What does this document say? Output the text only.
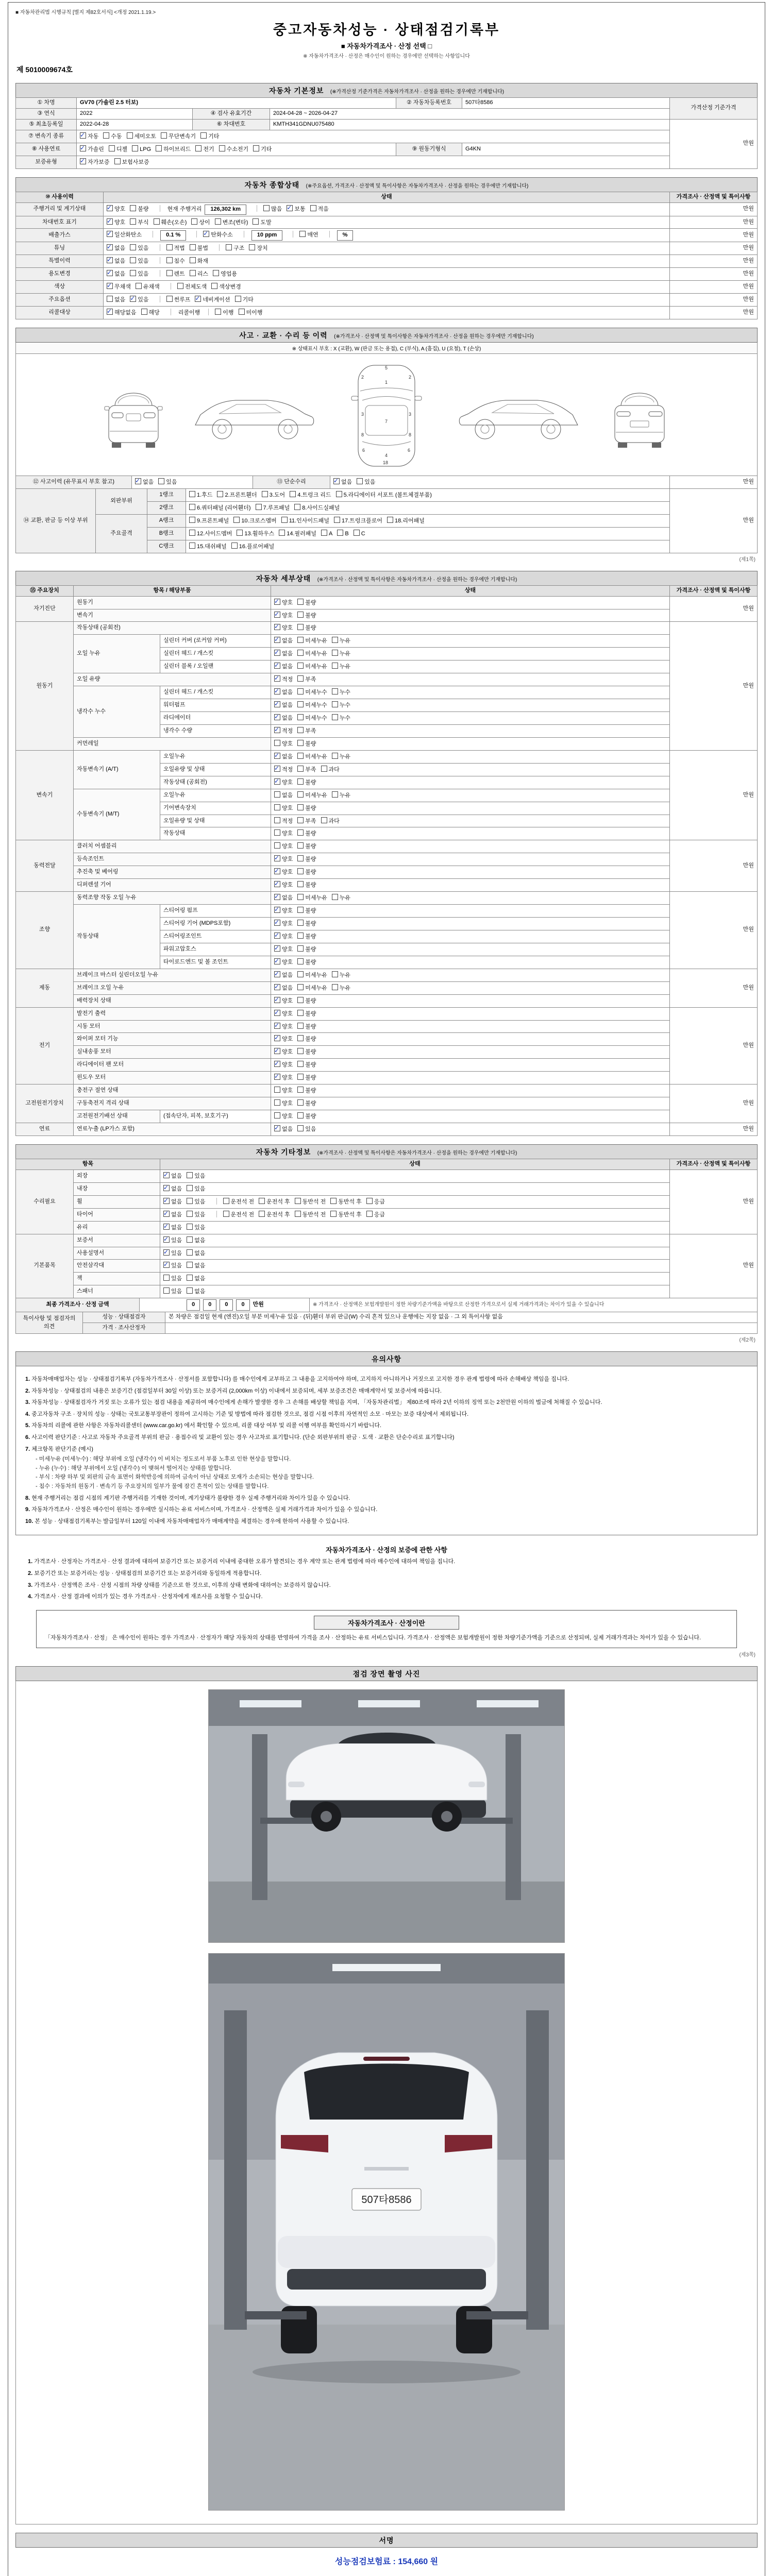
■ 자동차관리법 시행규칙 [별지 제82호서식] <개정 2021.1.19.>
중고자동차성능 · 상태점검기록부
■ 자동차가격조사 · 산정 선택 □
※ 자동차가격조사 · 산정은 매수인이 원하는 경우에만 선택하는 사항입니다
제 5010009674호
자동차 기본정보 (※가격산정 기준가격은 자동차가격조사 · 산정을 원하는 경우에만 기재합니다)
① 차명	GV70 (가솔린 2.5 터보)			② 자동차등록번호	507타8586	가격산정 기준가격
③ 연식	2022	④ 검사 유효기간	2024-04-28 ~ 2026-04-27			
⑤ 최초등록일	2022-04-28	⑥ 차대번호	KMTH341GDNU075480			만원
⑦ 변속기 종류	✓자동 수동 세미오토 무단변속기 기타
⑧ 사용연료	✓가솔린 디젤 LPG 하이브리드 전기 수소전기 기타			⑨ 원동기형식	G4KN	
보증유형	✓자가보증 보험사보증
자동차 종합상태 (※주요옵션, 가격조사 · 산정액 및 특이사항은 자동차가격조사 · 산정을 원하는 경우에만 기재합니다)
⑩ 사용이력	상태	가격조사 · 산정액 및 특이사항
주행거리 및 계기상태	✓양호 불량 현재 주행거리 126,302 km 많음 ✓ 보통 적음	만원
차대번호 표기	✓양호 부식 훼손(오손) 상이 변조(변타) 도말	만원
배출가스	✓일산화탄소 0.1 % ✓ 탄화수소 10 ppm 매연 %	만원
튜닝	✓없음 있음 적법 불법 구조 장치	만원
특별이력	✓없음 있음 침수 화재	만원
용도변경	✓없음 있음 렌트 리스 영업용	만원
색상	✓무채색 유채색 전체도색 색상변경	만원
주요옵션	없음 ✓ 있음 썬루프 ✓ 네비게이션 기타	만원
리콜대상	✓해당없음 해당 리콜이행 이행 미이행	만원
사고 · 교환 · 수리 등 이력 (※가격조사 · 산정액 및 특이사항은 자동차가격조사 · 산정을 원하는 경우에만 기재합니다)
※ 상태표시 부호 : X (교환), W (판금 또는 용접), C (부식), A (흠집), U (요철), T (손상)
5
1
7
4
18
2	2
3	3
8	8
6	6
⑫ 사고이력 (유무표시 부호 참고)	✓없음 있음	⑬ 단순수리	✓없음 있음	만원
⑭ 교환, 판금 등 이상 부위	외판부위	1랭크	1.후드 2.프론트휀더 3.도어 4.트렁크 리드 5.라디에이터 서포트 (볼트체결부품)	만원
		2랭크	6.쿼터패널 (리어휀더) 7.루프패널 8.사이드실패널	
	주요골격	A랭크	9.프론트패널 10.크로스멤버 11.인사이드패널 17.트렁크플로어 18.리어패널	
		B랭크	12.사이드멤버 13.휠하우스 14.필러패널 A B C	
		C랭크	15.대쉬패널 16.플로어패널	
(제1쪽)
자동차 세부상태 (※가격조사 · 산정액 및 특이사항은 자동차가격조사 · 산정을 원하는 경우에만 기재합니다)
⑮ 주요장치	항목 / 해당부품		상태	가격조사 · 산정액 및 특이사항
자기진단	원동기	✓양호 불량	만원
	변속기	✓양호 불량
원동기	작동상태 (공회전)	✓양호 불량	만원
	오일 누유	실린더 커버 (로커암 커버)	✓없음 미세누유 누유
		실린더 헤드 / 개스킷	✓없음 미세누유 누유
		실린더 블록 / 오일팬	✓없음 미세누유 누유
	오일 유량	✓적정 부족
	냉각수 누수	실린더 헤드 / 개스킷	✓없음 미세누수 누수
		워터펌프	✓없음 미세누수 누수
		라디에이터	✓없음 미세누수 누수
		냉각수 수량	✓적정 부족
	커먼레일		양호 불량	
변속기	자동변속기 (A/T)	오일누유	✓없음 미세누유 누유	만원
		오일유량 및 상태	✓적정 부족 과다
		작동상태 (공회전)	✓양호 불량
	수동변속기 (M/T)	오일누유	없음 미세누유 누유	
		기어변속장치	양호 불량	
		오일유량 및 상태	적정 부족 과다	
		작동상태	양호 불량	
동력전달	클러치 어셈블리		양호 불량	만원
	등속조인트	✓양호 불량
	추진축 및 베어링	✓양호 불량
	디퍼렌셜 기어	✓양호 불량
조향	동력조향 작동 오일 누유	✓없음 미세누유 누유	만원
	작동상태	스티어링 펌프	✓양호 불량
		스티어링 기어 (MDPS포함)	✓양호 불량
		스티어링조인트	✓양호 불량
		파워고압호스	✓양호 불량
		타이로드엔드 및 볼 조인트	✓양호 불량
제동	브레이크 마스터 실린더오일 누유	✓없음 미세누유 누유	만원
	브레이크 오일 누유	✓없음 미세누유 누유
	배력장치 상태	✓양호 불량
전기	발전기 출력	✓양호 불량	만원
	시동 모터	✓양호 불량
	와이퍼 모터 기능	✓양호 불량
	실내송풍 모터	✓양호 불량
	라디에이터 팬 모터	✓양호 불량
	윈도우 모터	✓양호 불량
고전원전기장치	충전구 절연 상태		양호 불량	만원
	구동축전지 격리 상태		양호 불량	
	고전원전기배선 상태	(접속단자, 피복, 보호기구)	양호 불량	
연료	연료누출 (LP가스 포함)	✓없음 있음	만원
자동차 기타정보 (※가격조사 · 산정액 및 특이사항은 자동차가격조사 · 산정을 원하는 경우에만 기재합니다)
항목		상태	가격조사 · 산정액 및 특이사항
수리필요	외장	✓없음 있음	만원
	내장	✓없음 있음
	휠	✓없음 있음 운전석 전 운전석 후 동반석 전 동반석 후 응급
	타이어	✓없음 있음 운전석 전 운전석 후 동반석 전 동반석 후 응급
	유리	✓없음 있음
기본품목	보증서	✓있음 없음	만원
	사용설명서	✓있음 없음
	안전삼각대	✓있음 없음
	잭	있음 없음	
	스패너	있음 없음	
최종 가격조사 · 산정 금액	0 0 0 0 만원	※ 가격조사 · 산정액은 보험개발원이 정한 차량기준가액을 바탕으로 산정한 가격으로서 실제 거래가격과는 차이가 있을 수 있습니다
특이사항 및 점검자의 의견	성능 · 상태점검자	본 차량은 점검일 현재 (엔진)오일 부분 미세누유 있음 · (뒤)휀더 부위 판금(W) 수리 흔적 있으나 운행에는 지장 없음 · 그 외 특이사항 없음
	가격 · 조사산정자	
(제2쪽)
유의사항
1. 자동차매매업자는 성능 · 상태점검기록부 (자동차가격조사 · 산정서를 포함합니다) 를 매수인에게 교부하고 그 내용을 고지하여야 하며, 고지하지 아니하거나 거짓으로 고지한 경우 관계 법령에 따라 손해배상 책임을 집니다.
2. 자동차성능 · 상태점검의 내용은 보증기간 (점검일부터 30일 이상) 또는 보증거리 (2,000km 이상) 이내에서 보증되며, 세부 보증조건은 매매계약서 및 보증서에 따릅니다.
3. 자동차성능 · 상태점검자가 거짓 또는 오류가 있는 점검 내용을 제공하여 매수인에게 손해가 발생한 경우 그 손해를 배상할 책임을 지며, 「자동차관리법」 제80조에 따라 2년 이하의 징역 또는 2천만원 이하의 벌금에 처해질 수 있습니다.
4. 중고자동차 구조 · 장치의 성능 · 상태는 국토교통부장관이 정하여 고시하는 기준 및 방법에 따라 점검한 것으로, 점검 시점 이후의 자연적인 소모 · 마모는 보증 대상에서 제외됩니다.
5. 자동차의 리콜에 관한 사항은 자동차리콜센터 (www.car.go.kr) 에서 확인할 수 있으며, 리콜 대상 여부 및 리콜 이행 여부를 확인하시기 바랍니다.
6. 사고이력 판단기준 : 사고로 자동차 주요골격 부위의 판금 · 용접수리 및 교환이 있는 경우 사고차로 표기합니다. (단순 외판부위의 판금 · 도색 · 교환은 단순수리로 표기합니다)
7. 체크항목 판단기준 (예시)
- 미세누유 (미세누수) : 해당 부위에 오일 (냉각수) 이 비치는 정도로서 부품 노후로 인한 현상을 말합니다.
- 누유 (누수) : 해당 부위에서 오일 (냉각수) 이 맺혀서 떨어지는 상태를 말합니다.
- 부식 : 차량 하부 및 외판의 금속 표면이 화학반응에 의하여 금속이 아닌 상태로 모재가 소손되는 현상을 말합니다.
- 침수 : 자동차의 원동기 · 변속기 등 주요장치의 일부가 물에 잠긴 흔적이 있는 상태를 말합니다.
8. 현재 주행거리는 점검 시점의 계기판 주행거리를 기재한 것이며, 계기상태가 불량한 경우 실제 주행거리와 차이가 있을 수 있습니다.
9. 자동차가격조사 · 산정은 매수인이 원하는 경우에만 실시하는 유료 서비스이며, 가격조사 · 산정액은 실제 거래가격과 차이가 있을 수 있습니다.
10. 본 성능 · 상태점검기록부는 발급일부터 120일 이내에 자동차매매업자가 매매계약을 체결하는 경우에 한하여 사용할 수 있습니다.
자동차가격조사 · 산정의 보증에 관한 사항
1. 가격조사 · 산정자는 가격조사 · 산정 결과에 대하여 보증기간 또는 보증거리 이내에 중대한 오류가 발견되는 경우 계약 또는 관계 법령에 따라 매수인에 대하여 책임을 집니다.
2. 보증기간 또는 보증거리는 성능 · 상태점검의 보증기간 또는 보증거리와 동일하게 적용합니다.
3. 가격조사 · 산정액은 조사 · 산정 시점의 차량 상태를 기준으로 한 것으로, 이후의 상태 변화에 대하여는 보증하지 않습니다.
4. 가격조사 · 산정 결과에 이의가 있는 경우 가격조사 · 산정자에게 재조사를 요청할 수 있습니다.
자동차가격조사 · 산정이란
「자동차가격조사 · 산정」 은 매수인이 원하는 경우 가격조사 · 산정자가 해당 자동차의 상태를 반영하여 가격을 조사 · 산정하는 유료 서비스입니다. 가격조사 · 산정액은 보험개발원이 정한 차량기준가액을 기준으로 산정되며, 실제 거래가격과는 차이가 있을 수 있습니다.
(제3쪽)
점검 장면 촬영 사진
507타8586
서명
성능점검보험료 : 154,660 원
